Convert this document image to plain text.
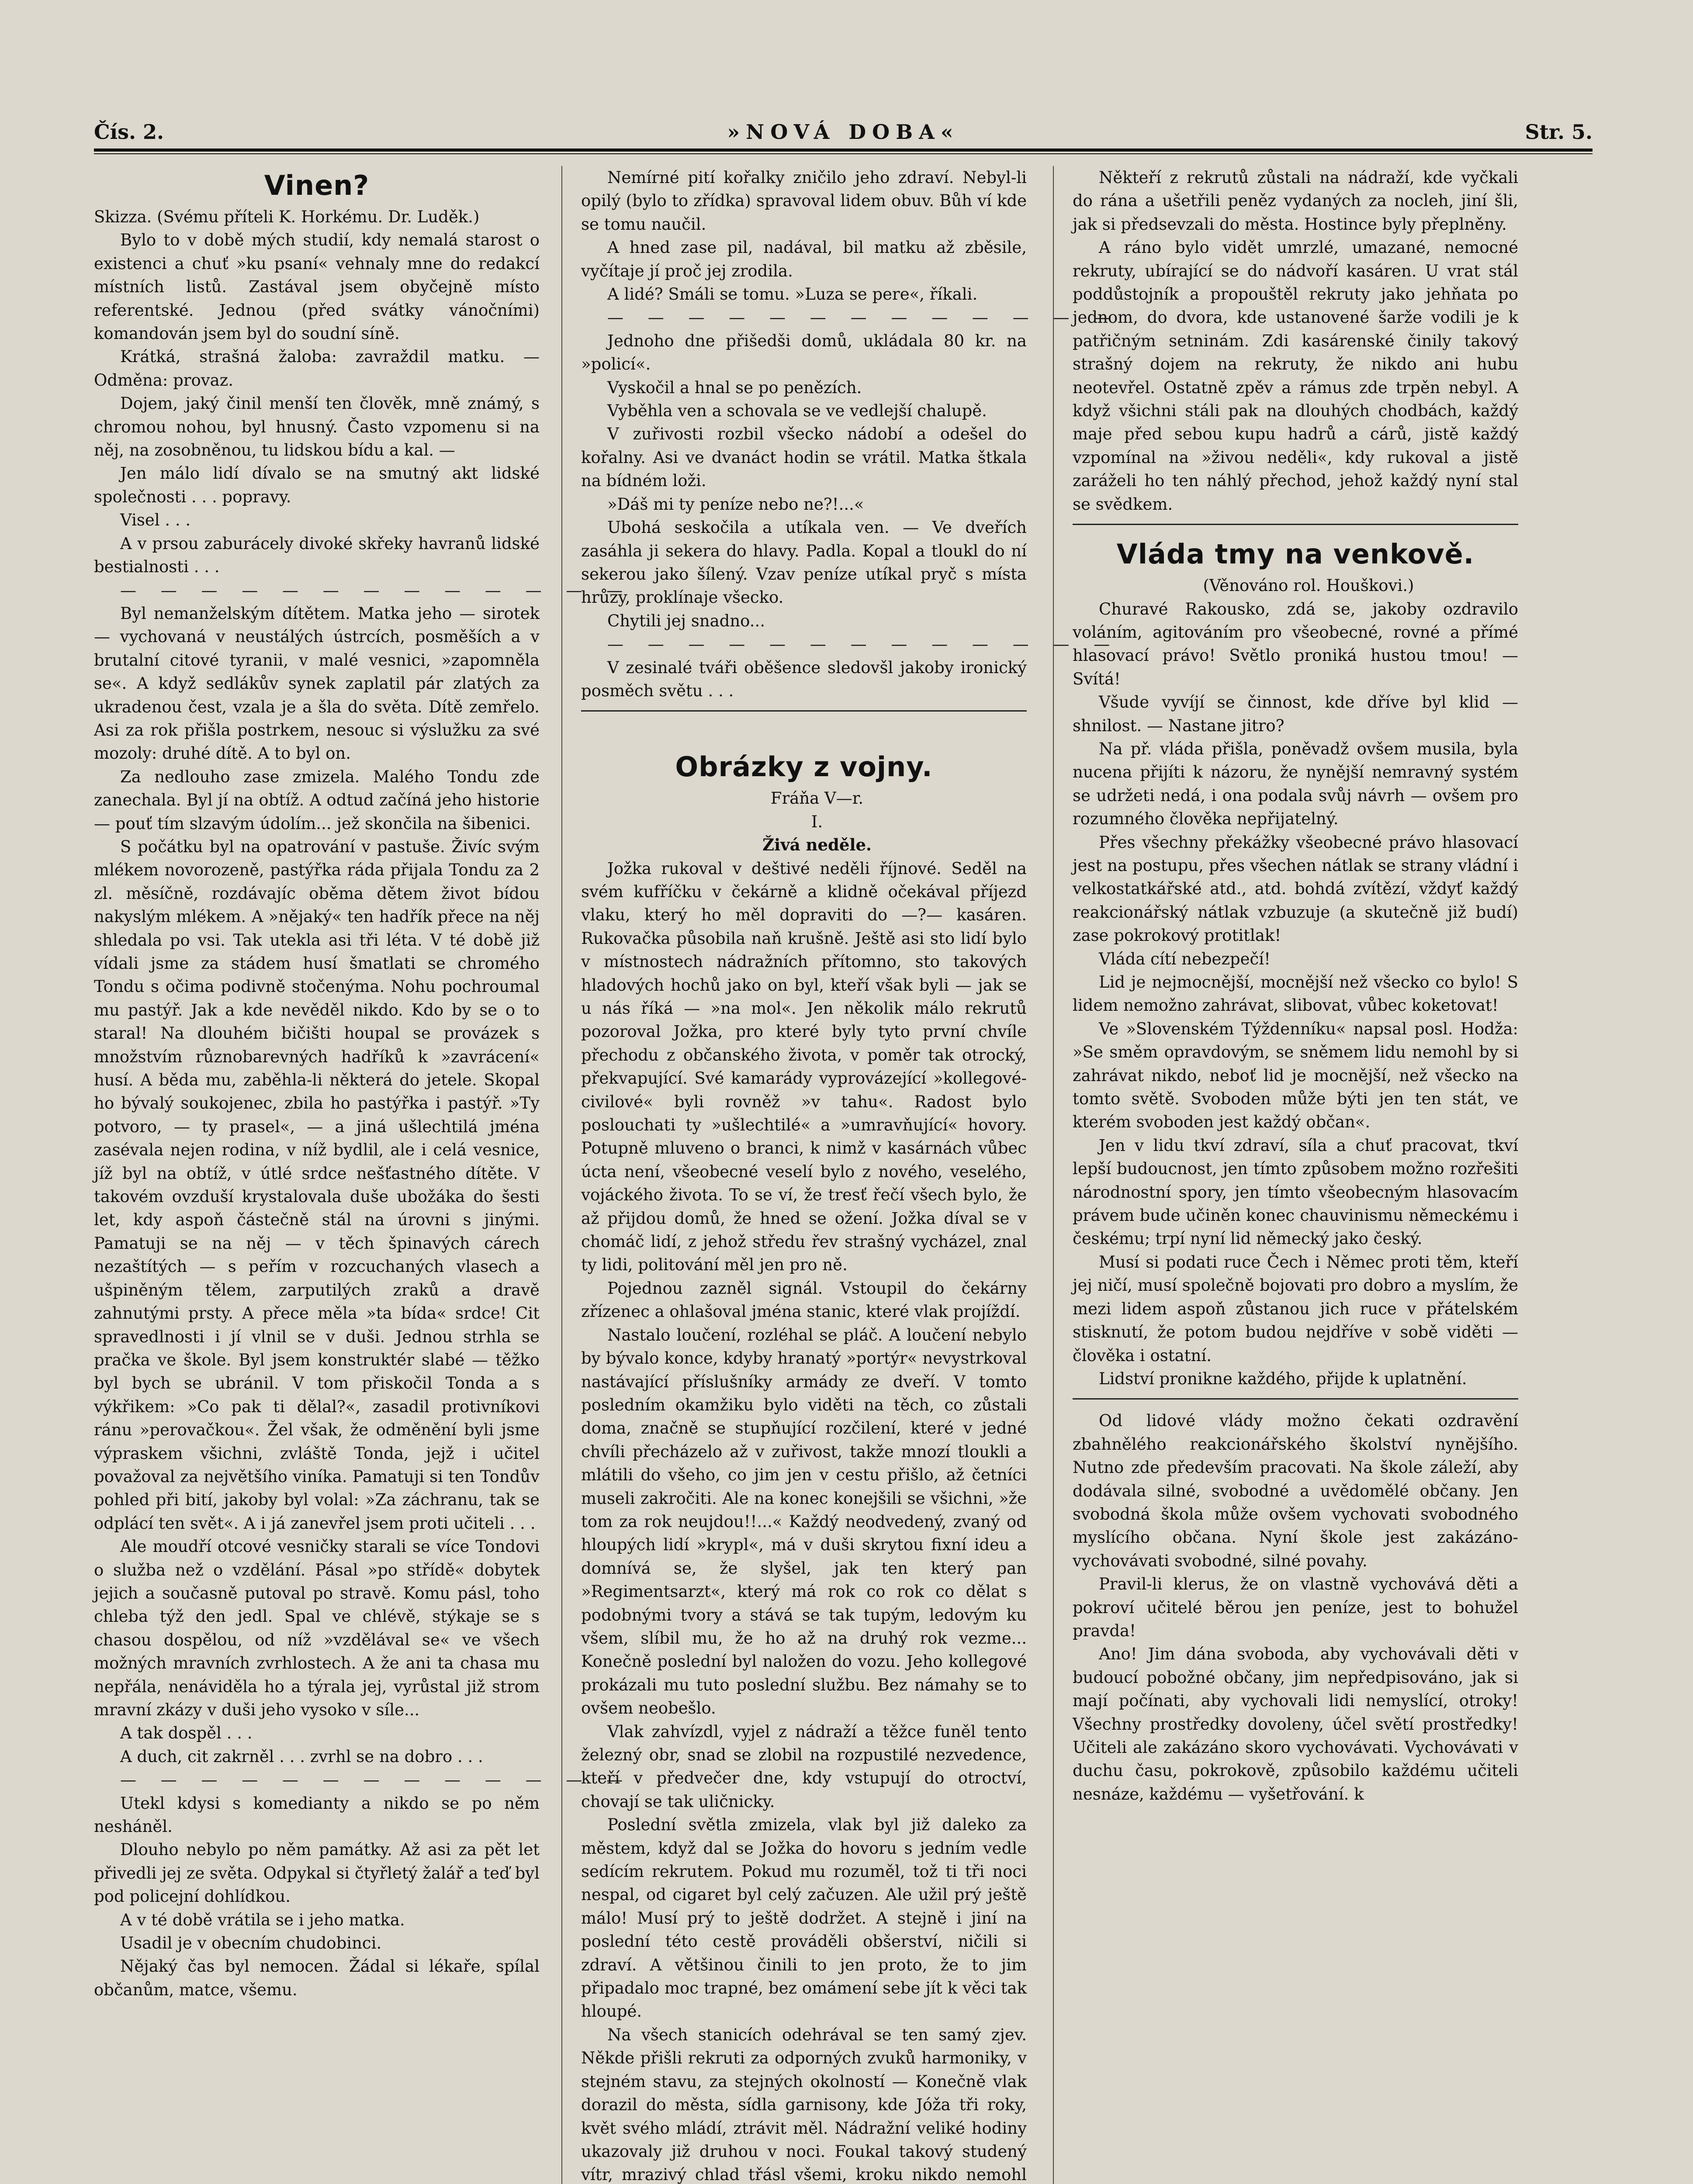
Čís. 2.	»NOVÁ DOBA«	Str. 5.
Vinen?

Skizza. (Svému příteli K. Horkému. Dr. Luděk.)

Bylo to v době mých studií, kdy nemalá starost o existenci a chuť »ku psaní« vehnaly mne do redakcí místních listů. Zastával jsem obyčejně místo referentské. Jednou (před svátky vánočními) komandován jsem byl do soudní síně.

Krátká, strašná žaloba: zavraždil matku. — Odměna: provaz.

Dojem, jaký činil menší ten člověk, mně známý, s chromou nohou, byl hnusný. Často vzpomenu si na něj, na zosobněnou, tu lidskou bídu a kal. —

Jen málo lidí dívalo se na smutný akt lidské společnosti . . . popravy.

Visel . . .

A v prsou zaburácely divoké skřeky havranů lidské bestialnosti . . .

— — — — — — — — — — — — —

Byl nemanželským dítětem. Matka jeho — sirotek — vychovaná v neustálých ústrcích, posměších a v brutalní citové tyranii, v malé vesnici, »zapomněla se«. A když sedlákův synek zaplatil pár zlatých za ukradenou čest, vzala je a šla do světa. Dítě zemřelo. Asi za rok přišla postrkem, nesouc si výslužku za své mozoly: druhé dítě. A to byl on.

Za nedlouho zase zmizela. Malého Tondu zde zanechala. Byl jí na obtíž. A odtud začíná jeho historie — pouť tím slzavým údolím... jež skončila na šibenici.

S počátku byl na opatrování v pastuše. Živíc svým mlékem novorozeně, pastýřka ráda přijala Tondu za 2 zl. měsíčně, rozdávajíc oběma dětem život bídou nakyslým mlékem. A »nějaký« ten hadřík přece na něj shledala po vsi. Tak utekla asi tři léta. V té době již vídali jsme za stádem husí šmatlati se chromého Tondu s očima podivně stočenýma. Nohu pochroumal mu pastýř. Jak a kde nevěděl nikdo. Kdo by se o to staral! Na dlouhém bičišti houpal se provázek s množstvím různobarevných hadříků k »zavrácení« husí. A běda mu, zaběhla-li některá do jetele. Skopal ho bývalý soukojenec, zbila ho pastýřka i pastýř. »Ty potvoro, — ty prasel«, — a jiná ušlechtilá jména zasévala nejen rodina, v níž bydlil, ale i celá vesnice, jíž byl na obtíž, v útlé srdce nešťastného dítěte. V takovém ovzduší krystalovala duše ubožáka do šesti let, kdy aspoň částečně stál na úrovni s jinými. Pamatuji se na něj — v těch špinavých cárech nezaštítých — s peřím v rozcuchaných vlasech a ušpiněným tělem, zarputilých zraků a dravě zahnutými prsty. A přece měla »ta bída« srdce! Cit spravedlnosti i jí vlnil se v duši. Jednou strhla se pračka ve škole. Byl jsem konstruktér slabé — těžko byl bych se ubránil. V tom přiskočil Tonda a s výkřikem: »Co pak ti dělal?«, zasadil protivníkovi ránu »perovačkou«. Žel však, že odměnění byli jsme výpraskem všichni, zvláště Tonda, jejž i učitel považoval za největšího viníka. Pamatuji si ten Tondův pohled při bití, jakoby byl volal: »Za záchranu, tak se odplácí ten svět«. A i já zanevřel jsem proti učiteli . . .

Ale moudří otcové vesničky starali se více Tondovi o služba než o vzdělání. Pásal »po střídě« dobytek jejich a současně putoval po stravě. Komu pásl, toho chleba týž den jedl. Spal ve chlévě, stýkaje se s chasou dospělou, od níž »vzdělával se« ve všech možných mravních zvrhlostech. A že ani ta chasa mu nepřála, nenáviděla ho a týrala jej, vyrůstal již strom mravní zkázy v duši jeho vysoko v síle...

A tak dospěl . . .

A duch, cit zakrněl . . . zvrhl se na dobro . . .

— — — — — — — — — — — — —

Utekl kdysi s komedianty a nikdo se po něm nesháněl.

Dlouho nebylo po něm památky. Až asi za pět let přivedli jej ze světa. Odpykal si čtyřletý žalář a teď byl pod policejní dohlídkou.

A v té době vrátila se i jeho matka.

Usadil je v obecním chudobinci.

Nějaký čas byl nemocen. Žádal si lékaře, spílal občanům, matce, všemu.

Nemírné pití kořalky zničilo jeho zdraví. Nebyl-li opilý (bylo to zřídka) spravoval lidem obuv. Bůh ví kde se tomu naučil.

A hned zase pil, nadával, bil matku až zběsile, vyčítaje jí proč jej zrodila.

A lidé? Smáli se tomu. »Luza se pere«, říkali.

— — — — — — — — — — — — —

Jednoho dne přišedši domů, ukládala 80 kr. na »policí«.

Vyskočil a hnal se po penězích.

Vyběhla ven a schovala se ve vedlejší chalupě.

V zuřivosti rozbil všecko nádobí a odešel do kořalny. Asi ve dvanáct hodin se vrátil. Matka štkala na bídném loži.

»Dáš mi ty peníze nebo ne?!...«

Ubohá seskočila a utíkala ven. — Ve dveřích zasáhla ji sekera do hlavy. Padla. Kopal a tloukl do ní sekerou jako šílený. Vzav peníze utíkal pryč s místa hrůzy, proklínaje všecko.

Chytili jej snadno...

— — — — — — — — — — — — —

V zesinalé tváři oběšence sledovšl jakoby ironický posměch světu . . .

Obrázky z vojny.

Fráňa V—r.

I.

Živá neděle.

Jožka rukoval v deštivé neděli říjnové. Seděl na svém kufříčku v čekárně a klidně očekával příjezd vlaku, který ho měl dopraviti do —?— kasáren. Rukovačka působila naň krušně. Ještě asi sto lidí bylo v místnostech nádražních přítomno, sto takových hladových hochů jako on byl, kteří však byli — jak se u nás říká — »na mol«. Jen několik málo rekrutů pozoroval Jožka, pro které byly tyto první chvíle přechodu z občanského života, v poměr tak otrocký, překvapující. Své kamarády vyprovázející »kollegové-civilové« byli rovněž »v tahu«. Radost bylo poslouchati ty »ušlechtilé« a »umravňující« hovory. Potupně mluveno o branci, k nimž v kasárnách vůbec úcta není, všeobecné veselí bylo z nového, veselého, vojáckého života. To se ví, že tresť řečí všech bylo, že až přijdou domů, že hned se ožení. Jožka díval se v chomáč lidí, z jehož středu řev strašný vycházel, znal ty lidi, politování měl jen pro ně.

Pojednou zazněl signál. Vstoupil do čekárny zřízenec a ohlašoval jména stanic, které vlak projíždí.

Nastalo loučení, rozléhal se pláč. A loučení nebylo by bývalo konce, kdyby hranatý »portýr« nevystrkoval nastávající příslušníky armády ze dveří. V tomto posledním okamžiku bylo viděti na těch, co zůstali doma, značně se stupňující rozčilení, které v jedné chvíli přecházelo až v zuřivost, takže mnozí tloukli a mlátili do všeho, co jim jen v cestu přišlo, až četníci museli zakročiti. Ale na konec konejšili se všichni, »že tom za rok neujdou!!...« Každý neodvedený, zvaný od hloupých lidí »krypl«, má v duši skrytou fixní ideu a domnívá se, že slyšel, jak ten který pan »Regimentsarzt«, který má rok co rok co dělat s podobnými tvory a stává se tak tupým, ledovým ku všem, slíbil mu, že ho až na druhý rok vezme... Konečně poslední byl naložen do vozu. Jeho kollegové prokázali mu tuto poslední službu. Bez námahy se to ovšem neobešlo.

Vlak zahvízdl, vyjel z nádraží a těžce funěl tento železný obr, snad se zlobil na rozpustilé nezvedence, kteří v předvečer dne, kdy vstupují do otroctví, chovají se tak uličnicky.

Poslední světla zmizela, vlak byl již daleko za městem, když dal se Jožka do hovoru s jedním vedle sedícím rekrutem. Pokud mu rozuměl, tož ti tři noci nespal, od cigaret byl celý začuzen. Ale užil prý ještě málo! Musí prý to ještě dodržet. A stejně i jiní na poslední této cestě prováděli obšerství, ničili si zdraví. A většinou činili to jen proto, že to jim připadalo moc trapné, bez omámení sebe jít k věci tak hloupé.

Na všech stanicích odehrával se ten samý zjev. Někde přišli rekruti za odporných zvuků harmoniky, v stejném stavu, za stejných okolností — Konečně vlak dorazil do města, sídla garnisony, kde Jóža tři roky, květ svého mládí, ztrávit měl. Nádražní veliké hodiny ukazovaly již druhou v noci. Foukal takový studený vítr, mrazivý chlad třásl všemi, kroku nikdo nemohl

Někteří z rekrutů zůstali na nádraží, kde vyčkali do rána a ušetřili peněz vydaných za nocleh, jiní šli, jak si předsevzali do města. Hostince byly přeplněny.

A ráno bylo vidět umrzlé, umazané, nemocné rekruty, ubírající se do nádvoří kasáren. U vrat stál poddůstojník a propouštěl rekruty jako jehňata po jednom, do dvora, kde ustanovené šarže vodili je k patřičným setninám. Zdi kasárenské činily takový strašný dojem na rekruty, že nikdo ani hubu neotevřel. Ostatně zpěv a rámus zde trpěn nebyl. A když všichni stáli pak na dlouhých chodbách, každý maje před sebou kupu hadrů a cárů, jistě každý vzpomínal na »živou neděli«, kdy rukoval a jistě zaráželi ho ten náhlý přechod, jehož každý nyní stal se svědkem.

Vláda tmy na venkově.

(Věnováno rol. Houškovi.)

Churavé Rakousko, zdá se, jakoby ozdravilo voláním, agitováním pro všeobecné, rovné a přímé hlasovací právo! Světlo proniká hustou tmou! — Svítá!

Všude vyvíjí se činnost, kde dříve byl klid — shnilost. — Nastane jitro?

Na př. vláda přišla, poněvadž ovšem musila, byla nucena přijíti k názoru, že nynější nemravný systém se udržeti nedá, i ona podala svůj návrh — ovšem pro rozumného člověka nepřijatelný.

Přes všechny překážky všeobecné právo hlasovací jest na postupu, přes všechen nátlak se strany vládní i velkostatkářské atd., atd. bohdá zvítězí, vždyť každý reakcionářský nátlak vzbuzuje (a skutečně již budí) zase pokrokový protitlak!

Vláda cítí nebezpečí!

Lid je nejmocnější, mocnější než všecko co bylo! S lidem nemožno zahrávat, slibovat, vůbec koketovat!

Ve »Slovenském Týždenníku« napsal posl. Hodža: »Se směm opravdovým, se sněmem lidu nemohl by si zahrávat nikdo, neboť lid je mocnější, než všecko na tomto světě. Svoboden může býti jen ten stát, ve kterém svoboden jest každý občan«.

Jen v lidu tkví zdraví, síla a chuť pracovat, tkví lepší budoucnost, jen tímto způsobem možno rozřešiti národnostní spory, jen tímto všeobecným hlasovacím právem bude učiněn konec chauvinismu německému i českému; trpí nyní lid německý jako český.

Musí si podati ruce Čech i Němec proti těm, kteří jej ničí, musí společně bojovati pro dobro a myslím, že mezi lidem aspoň zůstanou jich ruce v přátelském stisknutí, že potom budou nejdříve v sobě viděti — člověka i ostatní.

Lidství pronikne každého, přijde k uplatnění.

Od lidové vlády možno čekati ozdravění zbahnělého reakcionářského školství nynějšího. Nutno zde především pracovati. Na škole záleží, aby dodávala silné, svobodné a uvědomělé občany. Jen svobodná škola může ovšem vychovati svobodného myslícího občana. Nyní škole jest zakázáno-vychovávati svobodné, silné povahy.

Pravil-li klerus, že on vlastně vychovává děti a pokroví učitelé běrou jen peníze, jest to bohužel pravda!

Ano! Jim dána svoboda, aby vychovávali děti v budoucí pobožné občany, jim nepředpisováno, jak si mají počínati, aby vychovali lidi nemyslící, otroky! Všechny prostředky dovoleny, účel světí prostředky! Učiteli ale zakázáno skoro vychovávati. Vychovávati v duchu času, pokrokově, způsobilo každému učiteli nesnáze, každému — vyšetřování. k
